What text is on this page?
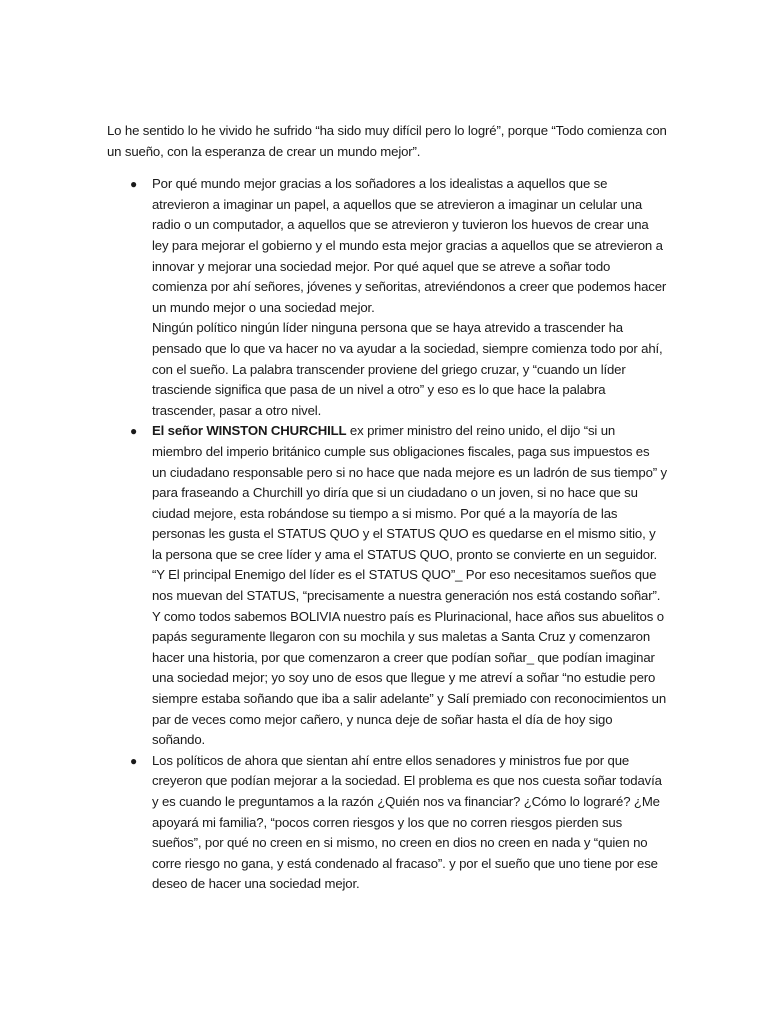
Lo he sentido lo he vivido he sufrido “ha sido muy difícil pero lo logré”, porque “Todo comienza con un sueño, con la esperanza de crear un mundo mejor”.

● Por qué mundo mejor gracias a los soñadores a los idealistas a aquellos que se atrevieron a imaginar un papel, a aquellos que se atrevieron a imaginar un celular una radio o un computador, a aquellos que se atrevieron y tuvieron los huevos de crear una ley para mejorar el gobierno y el mundo esta mejor gracias a aquellos que se atrevieron a innovar y mejorar una sociedad mejor. Por qué aquel que se atreve a soñar todo comienza por ahí señores, jóvenes y señoritas, atreviéndonos a creer que podemos hacer un mundo mejor o una sociedad mejor.
Ningún político ningún líder ninguna persona que se haya atrevido a trascender ha pensado que lo que va hacer no va ayudar a la sociedad, siempre comienza todo por ahí, con el sueño. La palabra transcender proviene del griego cruzar, y “cuando un líder trasciende significa que pasa de un nivel a otro” y eso es lo que hace la palabra trascender, pasar a otro nivel.
● El señor WINSTON CHURCHILL ex primer ministro del reino unido, el dijo “si un miembro del imperio británico cumple sus obligaciones fiscales, paga sus impuestos es un ciudadano responsable pero si no hace que nada mejore es un ladrón de sus tiempo” y para fraseando a Churchill yo diría que si un ciudadano o un joven, si no hace que su ciudad mejore, esta robándose su tiempo a si mismo. Por qué a la mayoría de las personas les gusta el STATUS QUO y el STATUS QUO es quedarse en el mismo sitio, y la persona que se cree líder y ama el STATUS QUO, pronto se convierte en un seguidor. “Y El principal Enemigo del líder es el STATUS QUO”_ Por eso necesitamos sueños que nos muevan del STATUS, “precisamente a nuestra generación nos está costando soñar”. Y como todos sabemos BOLIVIA nuestro país es Plurinacional, hace años sus abuelitos o papás seguramente llegaron con su mochila y sus maletas a Santa Cruz y comenzaron hacer una historia, por que comenzaron a creer que podían soñar_ que podían imaginar una sociedad mejor; yo soy uno de esos que llegue y me atreví a soñar “no estudie pero siempre estaba soñando que iba a salir adelante” y Salí premiado con reconocimientos un par de veces como mejor cañero, y nunca deje de soñar hasta el día de hoy sigo soñando.
● Los políticos de ahora que sientan ahí entre ellos senadores y ministros fue por que creyeron que podían mejorar a la sociedad. El problema es que nos cuesta soñar todavía y es cuando le preguntamos a la razón ¿Quién nos va financiar? ¿Cómo lo lograré? ¿Me apoyará mi familia?, “pocos corren riesgos y los que no corren riesgos pierden sus sueños”, por qué no creen en si mismo, no creen en dios no creen en nada y “quien no corre riesgo no gana, y está condenado al fracaso”. y por el sueño que uno tiene por ese deseo de hacer una sociedad mejor.
